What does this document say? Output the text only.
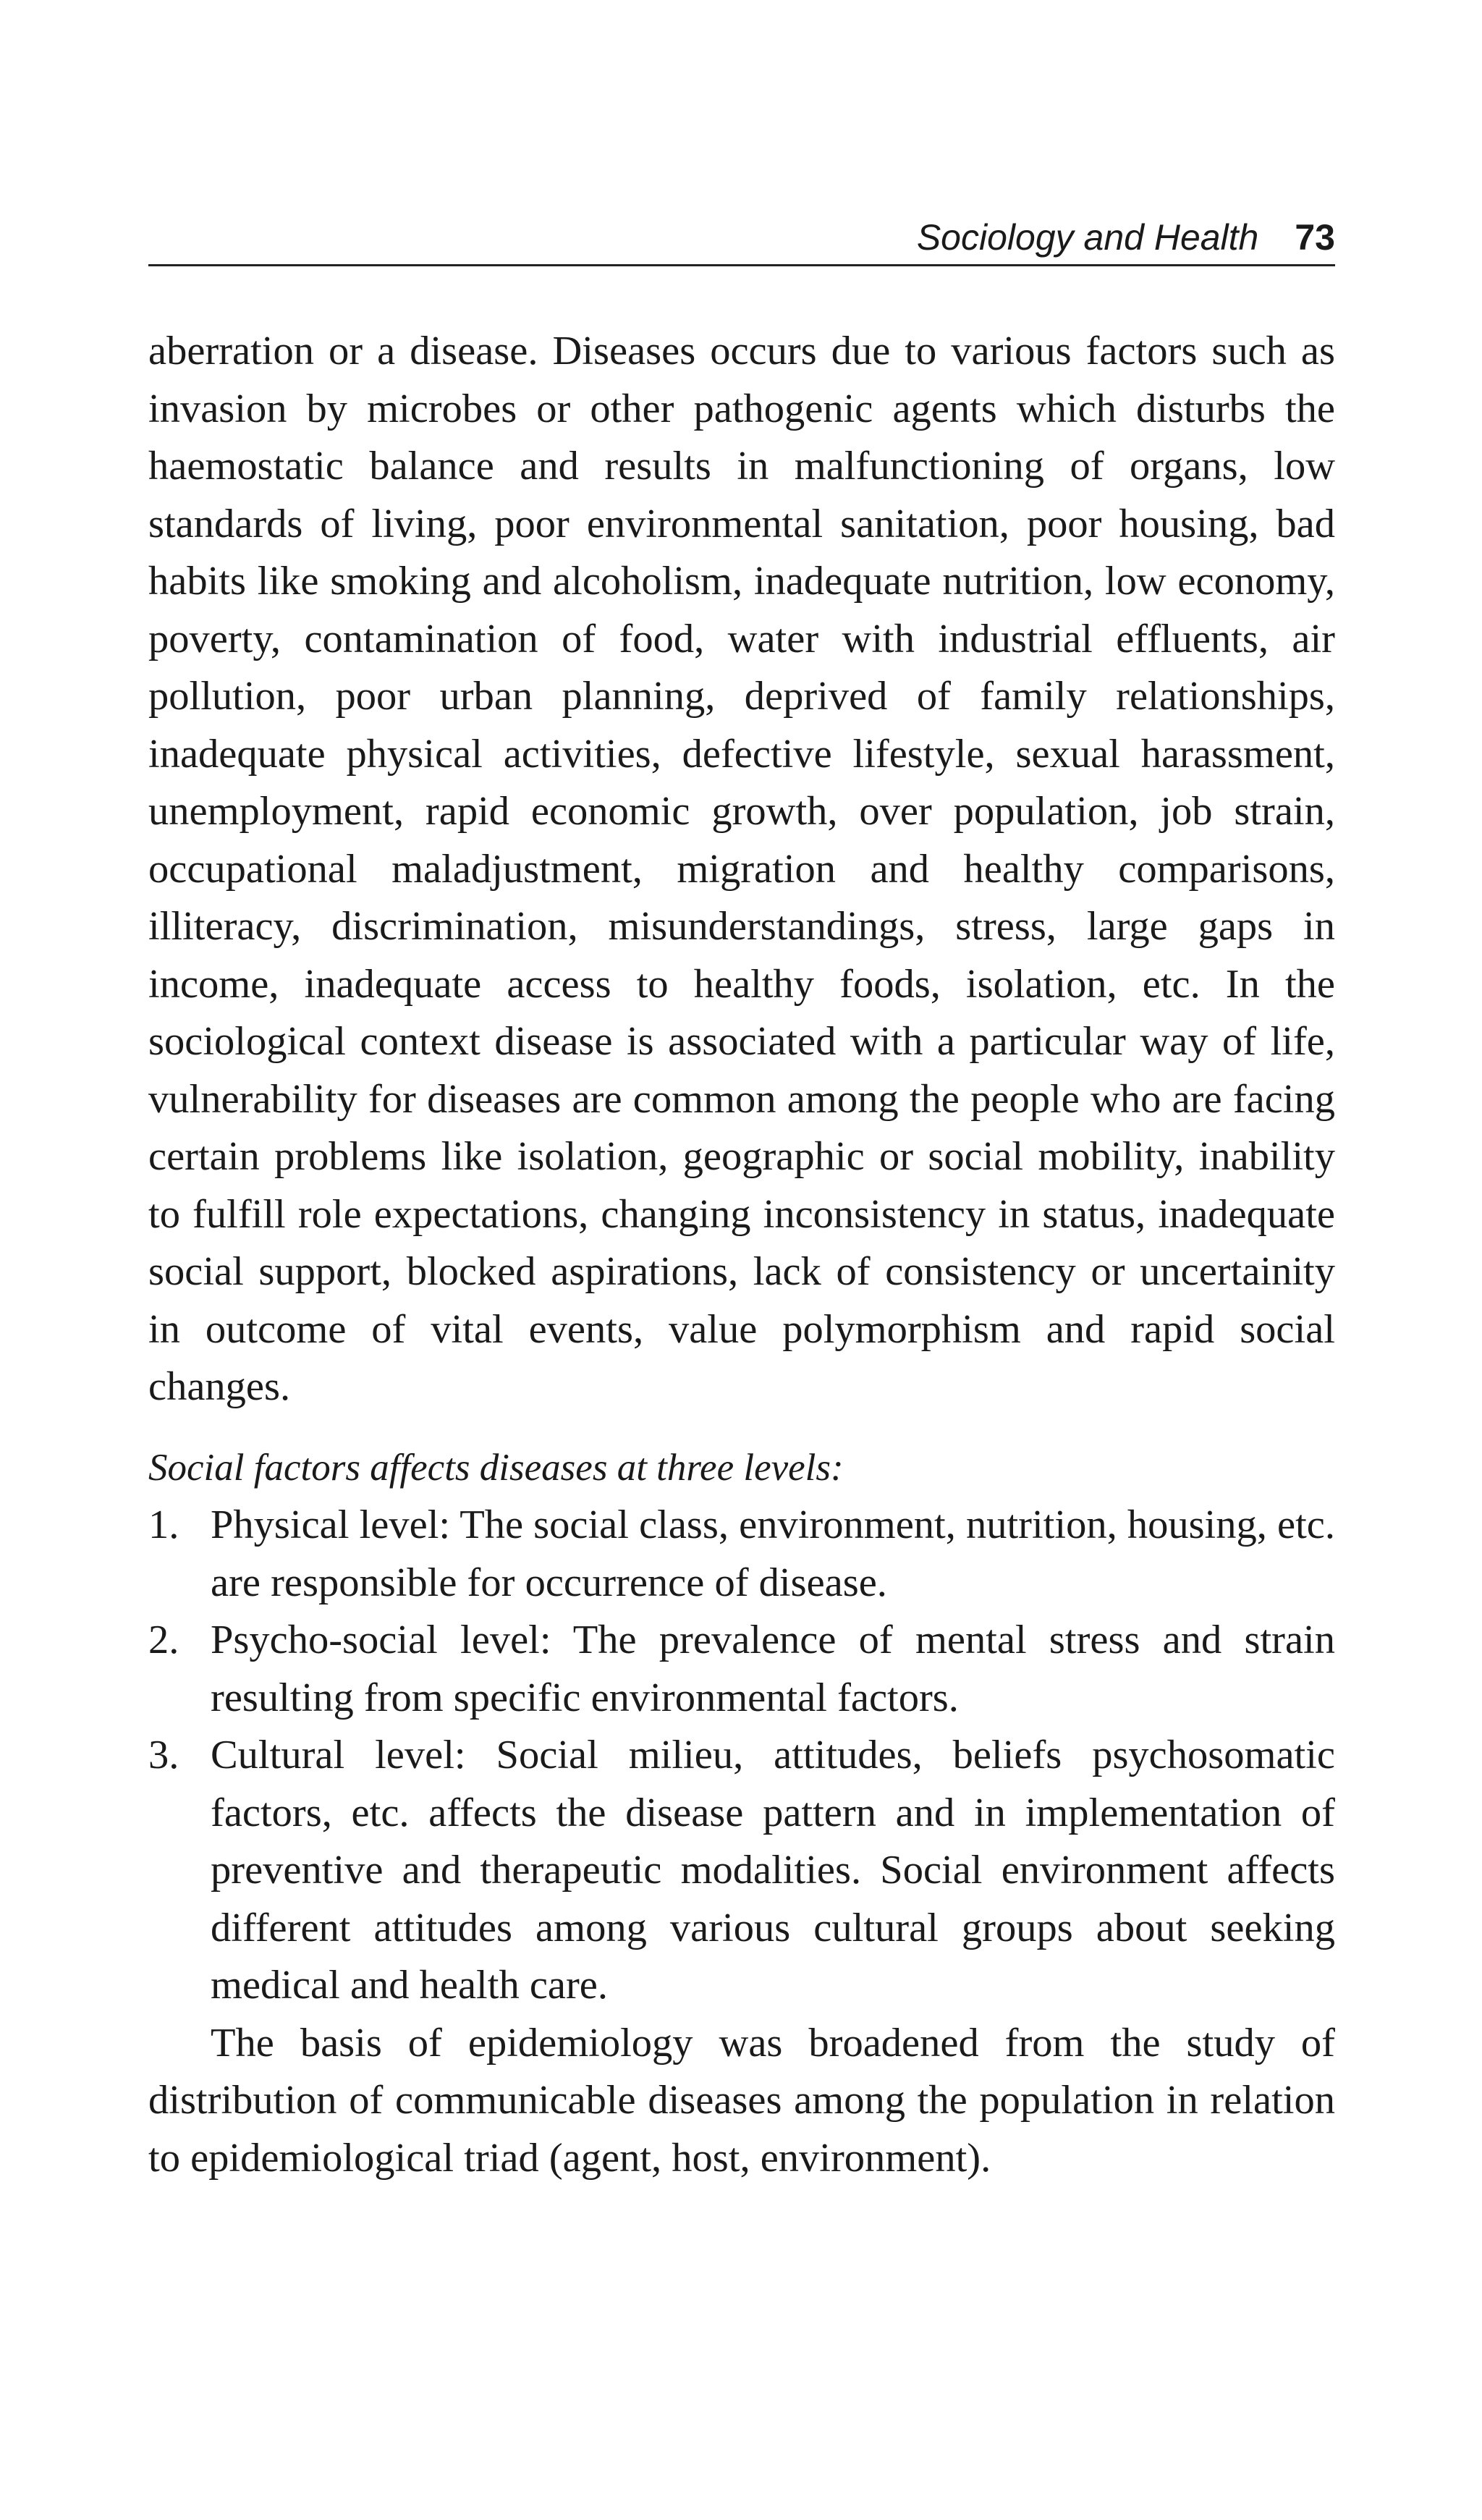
Sociology and Health 73

aberration or a disease. Diseases occurs due to various factors such as invasion by microbes or other pathogenic agents which disturbs the haemostatic balance and results in malfunctioning of organs, low standards of living, poor environmental sanitation, poor housing, bad habits like smoking and alcoholism, inadequate nutrition, low economy, poverty, contamination of food, water with industrial effluents, air pollution, poor urban planning, deprived of family relationships, inadequate physical activities, defective lifestyle, sexual harassment, unemployment, rapid economic growth, over population, job strain, occupational maladjustment, migration and healthy comparisons, illiteracy, discrimination, misunderstandings, stress, large gaps in income, inadequate access to healthy foods, isolation, etc. In the sociological context disease is associated with a particular way of life, vulnerability for diseases are common among the people who are facing certain problems like isolation, geographic or social mobility, inability to fulfill role expectations, changing inconsistency in status, inadequate social support, blocked aspirations, lack of consistency or uncertainity in outcome of vital events, value polymorphism and rapid social changes.

Social factors affects diseases at three levels:

1. Physical level: The social class, environment, nutrition, housing, etc. are responsible for occurrence of disease.
2. Psycho-social level: The prevalence of mental stress and strain resulting from specific environmental factors.
3. Cultural level: Social milieu, attitudes, beliefs psychosomatic factors, etc. affects the disease pattern and in implementation of preventive and therapeutic modalities. Social environment affects different attitudes among various cultural groups about seeking medical and health care.

The basis of epidemiology was broadened from the study of distribution of communicable diseases among the population in relation to epidemiological triad (agent, host, environment).
